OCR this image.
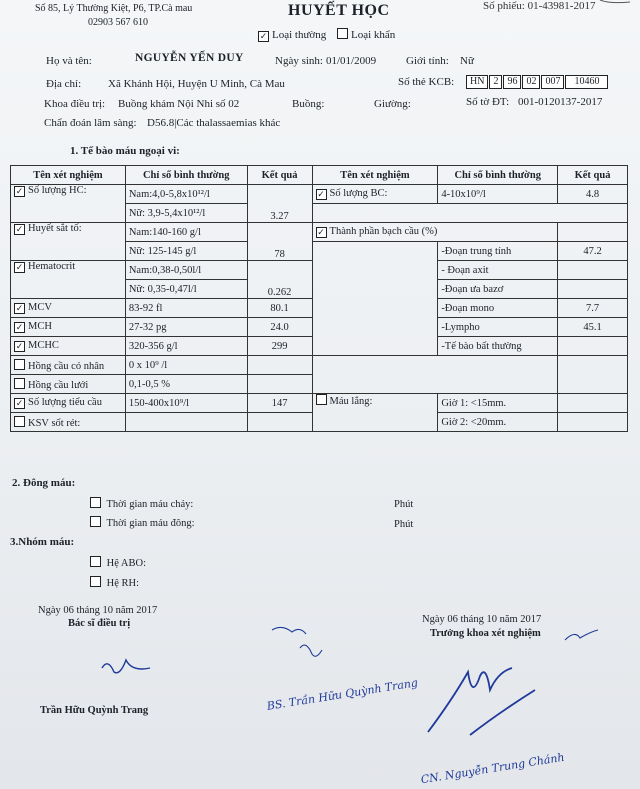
Số 85, Lý Thường Kiệt, P6, TP.Cà mau
02903 567 610
HUYẾT HỌC	Số phiếu: 01-43981-2017
✓ Loại thường Loại khẩn
Họ và tên:	NGUYỄN YẾN DUY	Ngày sinh: 01/01/2009	Giới tính: Nữ
Địa chỉ: Xã Khánh Hội, Huyện U Minh, Cà Mau	Số thẻ KCB:	HN 2 96 02 007 10460
Khoa điều trị: Buồng khám Nội Nhi số 02	Buồng:	Giường:	Số tờ ĐT: 001-0120137-2017
Chẩn đoán lâm sàng: D56.8|Các thalassaemias khác
1. Tế bào máu ngoại vi:
Tên xét nghiệm	Chỉ số bình thường	Kết quả	Tên xét nghiệm	Chỉ số bình thường	Kết quả
✓ Số lượng HC:	Nam:4,0-5,8x10¹²/l	3.27	✓ Số lượng BC:	4-10x10⁹/l	4.8
	Nữ: 3,9-5,4x10¹²/l				
✓ Huyết sắt tố:	Nam:140-160 g/l	78	✓ Thành phần bạch cầu (%)		
	Nữ: 125-145 g/l			-Đoạn trung tính	47.2
✓ Hematocrit	Nam:0,38-0,50l/l	0.262		- Đoạn axit	
	Nữ: 0,35-0,47l/l			-Đoạn ưa bazơ	
✓ MCV	83-92 fl	80.1		-Đoạn mono	7.7
✓ MCH	27-32 pg	24.0		-Lympho	45.1
✓ MCHC	320-356 g/l	299		-Tế bào bất thường	
Hồng cầu có nhân	0 x 10⁹ /l				
Hồng cầu lưới	0,1-0,5 %				
✓ Số lượng tiểu cầu	150-400x10⁹/l	147	Máu lắng:	Giờ 1: <15mm.	
KSV sốt rét:				Giờ 2: <20mm.	
2. Đông máu:
Thời gian máu chảy:	Phút
Thời gian máu đông:	Phút
3.Nhóm máu:
Hệ ABO:
Hệ RH:
Ngày 06 tháng 10 năm 2017
Bác sĩ điều trị
Trần Hữu Quỳnh Trang
Ngày 06 tháng 10 năm 2017
Trưởng khoa xét nghiệm
BS. Trần Hữu Quỳnh Trang
CN. Nguyễn Trung Chánh
